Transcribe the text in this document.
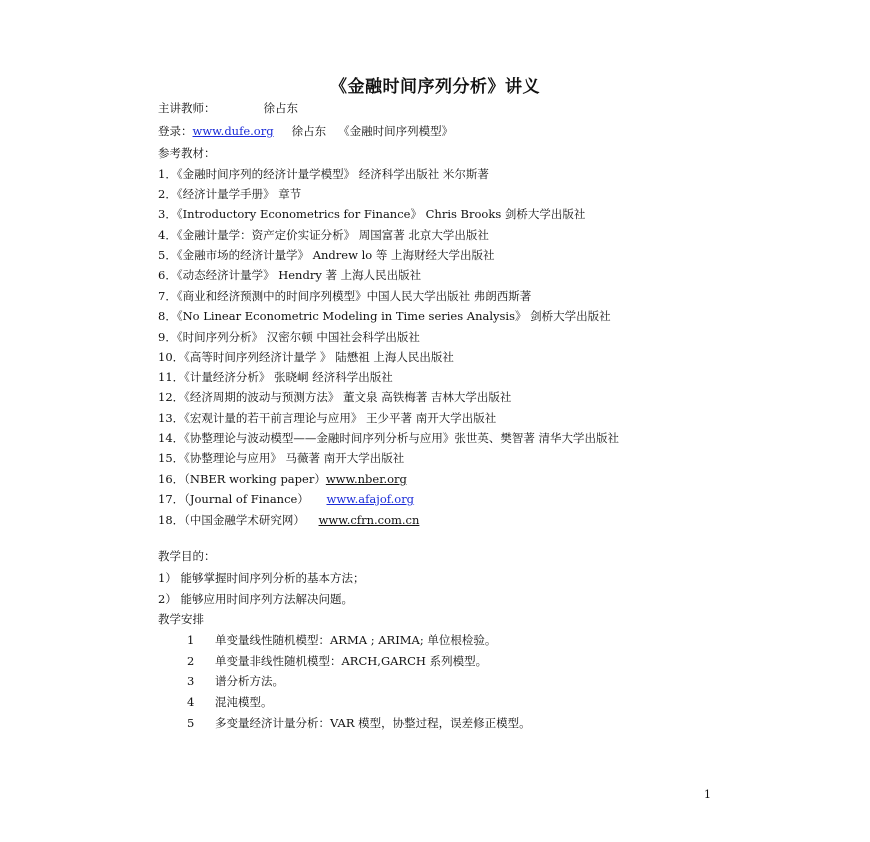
《金融时间序列分析》讲义
主讲教师：	徐占东
登录：www.dufe.org 徐占东 《金融时间序列模型》
参考教材：
1．《金融时间序列的经济计量学模型》 经济科学出版社 米尔斯著
2．《经济计量学手册》 章节
3．《Introductory Econometrics for Finance》 Chris Brooks 剑桥大学出版社
4．《金融计量学：资产定价实证分析》 周国富著 北京大学出版社
5．《金融市场的经济计量学》 Andrew lo 等 上海财经大学出版社
6．《动态经济计量学》 Hendry 著 上海人民出版社
7．《商业和经济预测中的时间序列模型》中国人民大学出版社 弗朗西斯著
8．《No Linear Econometric Modeling in Time series Analysis》 剑桥大学出版社
9．《时间序列分析》 汉密尔顿 中国社会科学出版社
10．《高等时间序列经济计量学 》 陆懋祖 上海人民出版社
11．《计量经济分析》 张晓峒 经济科学出版社
12．《经济周期的波动与预测方法》 董文泉 高铁梅著 吉林大学出版社
13．《宏观计量的若干前言理论与应用》 王少平著 南开大学出版社
14．《协整理论与波动模型——金融时间序列分析与应用》张世英、樊智著 清华大学出版社
15．《协整理论与应用》 马薇著 南开大学出版社
16．（NBER working paper）www.nber.org
17．（Journal of Finance） www.afajof.org
18．（中国金融学术研究网） www.cfrn.com.cn
教学目的：
1） 能够掌握时间序列分析的基本方法；
2） 能够应用时间序列方法解决问题。
教学安排
1 单变量线性随机模型：ARMA ; ARIMA; 单位根检验。
2 单变量非线性随机模型：ARCH,GARCH 系列模型。
3 谱分析方法。
4 混沌模型。
5 多变量经济计量分析：VAR 模型，协整过程，误差修正模型。
1
